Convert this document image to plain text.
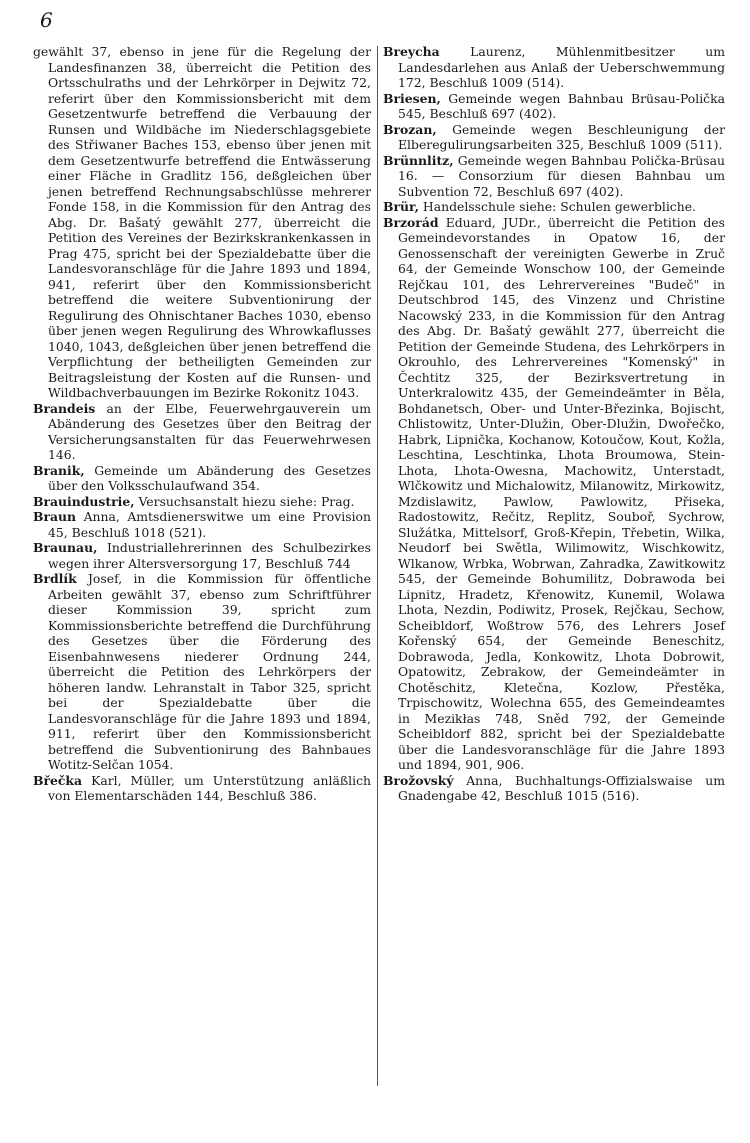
6

gewählt 37, ebenso in jene für die Regelung der Landesfinanzen 38, überreicht die Petition des Ortsschulraths und der Lehrkörper in Dejwitz 72, referirt über den Kommissionsbericht mit dem Gesetzentwurfe betreffend die Verbauung der Runsen und Wildbäche im Niederschlagsgebiete des Střiwaner Baches 153, ebenso über jenen mit dem Gesetzentwurfe betreffend die Entwässerung einer Fläche in Gradlitz 156, deßgleichen über jenen betreffend Rechnungsabschlüsse mehrerer Fonde 158, in die Kommission für den Antrag des Abg. Dr. Bašatý gewählt 277, überreicht die Petition des Vereines der Bezirkskrankenkassen in Prag 475, spricht bei der Spezialdebatte über die Landesvoranschläge für die Jahre 1893 und 1894, 941, referirt über den Kommissionsbericht betreffend die weitere Subventionirung der Regulirung des Ohnischtaner Baches 1030, ebenso über jenen wegen Regulirung des Whrowkaflusses 1040, 1043, deßgleichen über jenen betreffend die Verpflichtung der betheiligten Gemeinden zur Beitragsleistung der Kosten auf die Runsen- und Wildbachverbauungen im Bezirke Rokonitz 1043.

Brandeis an der Elbe, Feuerwehrgauverein um Abänderung des Gesetzes über den Beitrag der Versicherungsanstalten für das Feuerwehrwesen 146.

Branik, Gemeinde um Abänderung des Gesetzes über den Volksschulaufwand 354.

Brauindustrie, Versuchsanstalt hiezu siehe: Prag.

Braun Anna, Amtsdienerswitwe um eine Provision 45, Beschluß 1018 (521).

Braunau, Industriallehrerinnen des Schulbezirkes wegen ihrer Altersversorgung 17, Beschluß 744

Brdlík Josef, in die Kommission für öffentliche Arbeiten gewählt 37, ebenso zum Schriftführer dieser Kommission 39, spricht zum Kommissionsberichte betreffend die Durchführung des Gesetzes über die Förderung des Eisenbahnwesens niederer Ordnung 244, überreicht die Petition des Lehrkörpers der höheren landw. Lehranstalt in Tabor 325, spricht bei der Spezialdebatte über die Landesvoranschläge für die Jahre 1893 und 1894, 911, referirt über den Kommissionsbericht betreffend die Subventionirung des Bahnbaues Wotitz-Selčan 1054.

Břečka Karl, Müller, um Unterstützung anläßlich von Elementarschäden 144, Beschluß 386.

Breycha Laurenz, Mühlenmitbesitzer um Landesdarlehen aus Anlaß der Ueberschwemmung 172, Beschluß 1009 (514).

Briesen, Gemeinde wegen Bahnbau Brüsau-Polička 545, Beschluß 697 (402).

Brozan, Gemeinde wegen Beschleunigung der Elberegulirungsarbeiten 325, Beschluß 1009 (511).

Brünnlitz, Gemeinde wegen Bahnbau Polička-Brüsau 16. — Consorzium für diesen Bahnbau um Subvention 72, Beschluß 697 (402).

Brür, Handelsschule siehe: Schulen gewerbliche.

Brzorád Eduard, JUDr., überreicht die Petition des Gemeindevorstandes in Opatow 16, der Genossenschaft der vereinigten Gewerbe in Zruč 64, der Gemeinde Wonschow 100, der Gemeinde Rejčkau 101, des Lehrervereines "Budeč" in Deutschbrod 145, des Vinzenz und Christine Nacowský 233, in die Kommission für den Antrag des Abg. Dr. Bašatý gewählt 277, überreicht die Petition der Gemeinde Studena, des Lehrkörpers in Okrouhlo, des Lehrervereines "Komenský" in Čechtitz 325, der Bezirksvertretung in Unterkralowitz 435, der Gemeindeämter in Běla, Bohdanetsch, Ober- und Unter-Březinka, Bojischt, Chlistowitz, Unter-Dlužin, Ober-Dlužin, Dwořečko, Habrk, Lipnička, Kochanow, Kotoučow, Kout, Kožla, Leschtina, Leschtinka, Lhota Broumowa, Stein-Lhota, Lhota-Owesna, Machowitz, Unterstadt, Wlčkowitz und Michalowitz, Milanowitz, Mirkowitz, Mzdislawitz, Pawlow, Pawlowitz, Přiseka, Radostowitz, Rečitz, Replitz, Souboř, Sychrow, Služátka, Mittelsorf, Groß-Křepin, Třebetin, Wilka, Neudorf bei Swětla, Wilimowitz, Wischkowitz, Wlkanow, Wrbka, Wobrwan, Zahradka, Zawitkowitz 545, der Gemeinde Bohumilitz, Dobrawoda bei Lipnitz, Hradetz, Křenowitz, Kunemil, Wolawa Lhota, Nezdin, Podiwitz, Prosek, Rejčkau, Sechow, Scheibldorf, Woßtrow 576, des Lehrers Josef Kořenský 654, der Gemeinde Beneschitz, Dobrawoda, Jedla, Konkowitz, Lhota Dobrowit, Opatowitz, Zebrakow, der Gemeindeämter in Chotěschitz, Kletečna, Kozlow, Přestěka, Trpischowitz, Wolechna 655, des Gemeindeamtes in Mezikłas 748, Sněd 792, der Gemeinde Scheibldorf 882, spricht bei der Spezialdebatte über die Landesvoranschläge für die Jahre 1893 und 1894, 901, 906.

Brožovský Anna, Buchhaltungs-Offizialswaise um Gnadengabe 42, Beschluß 1015 (516).
